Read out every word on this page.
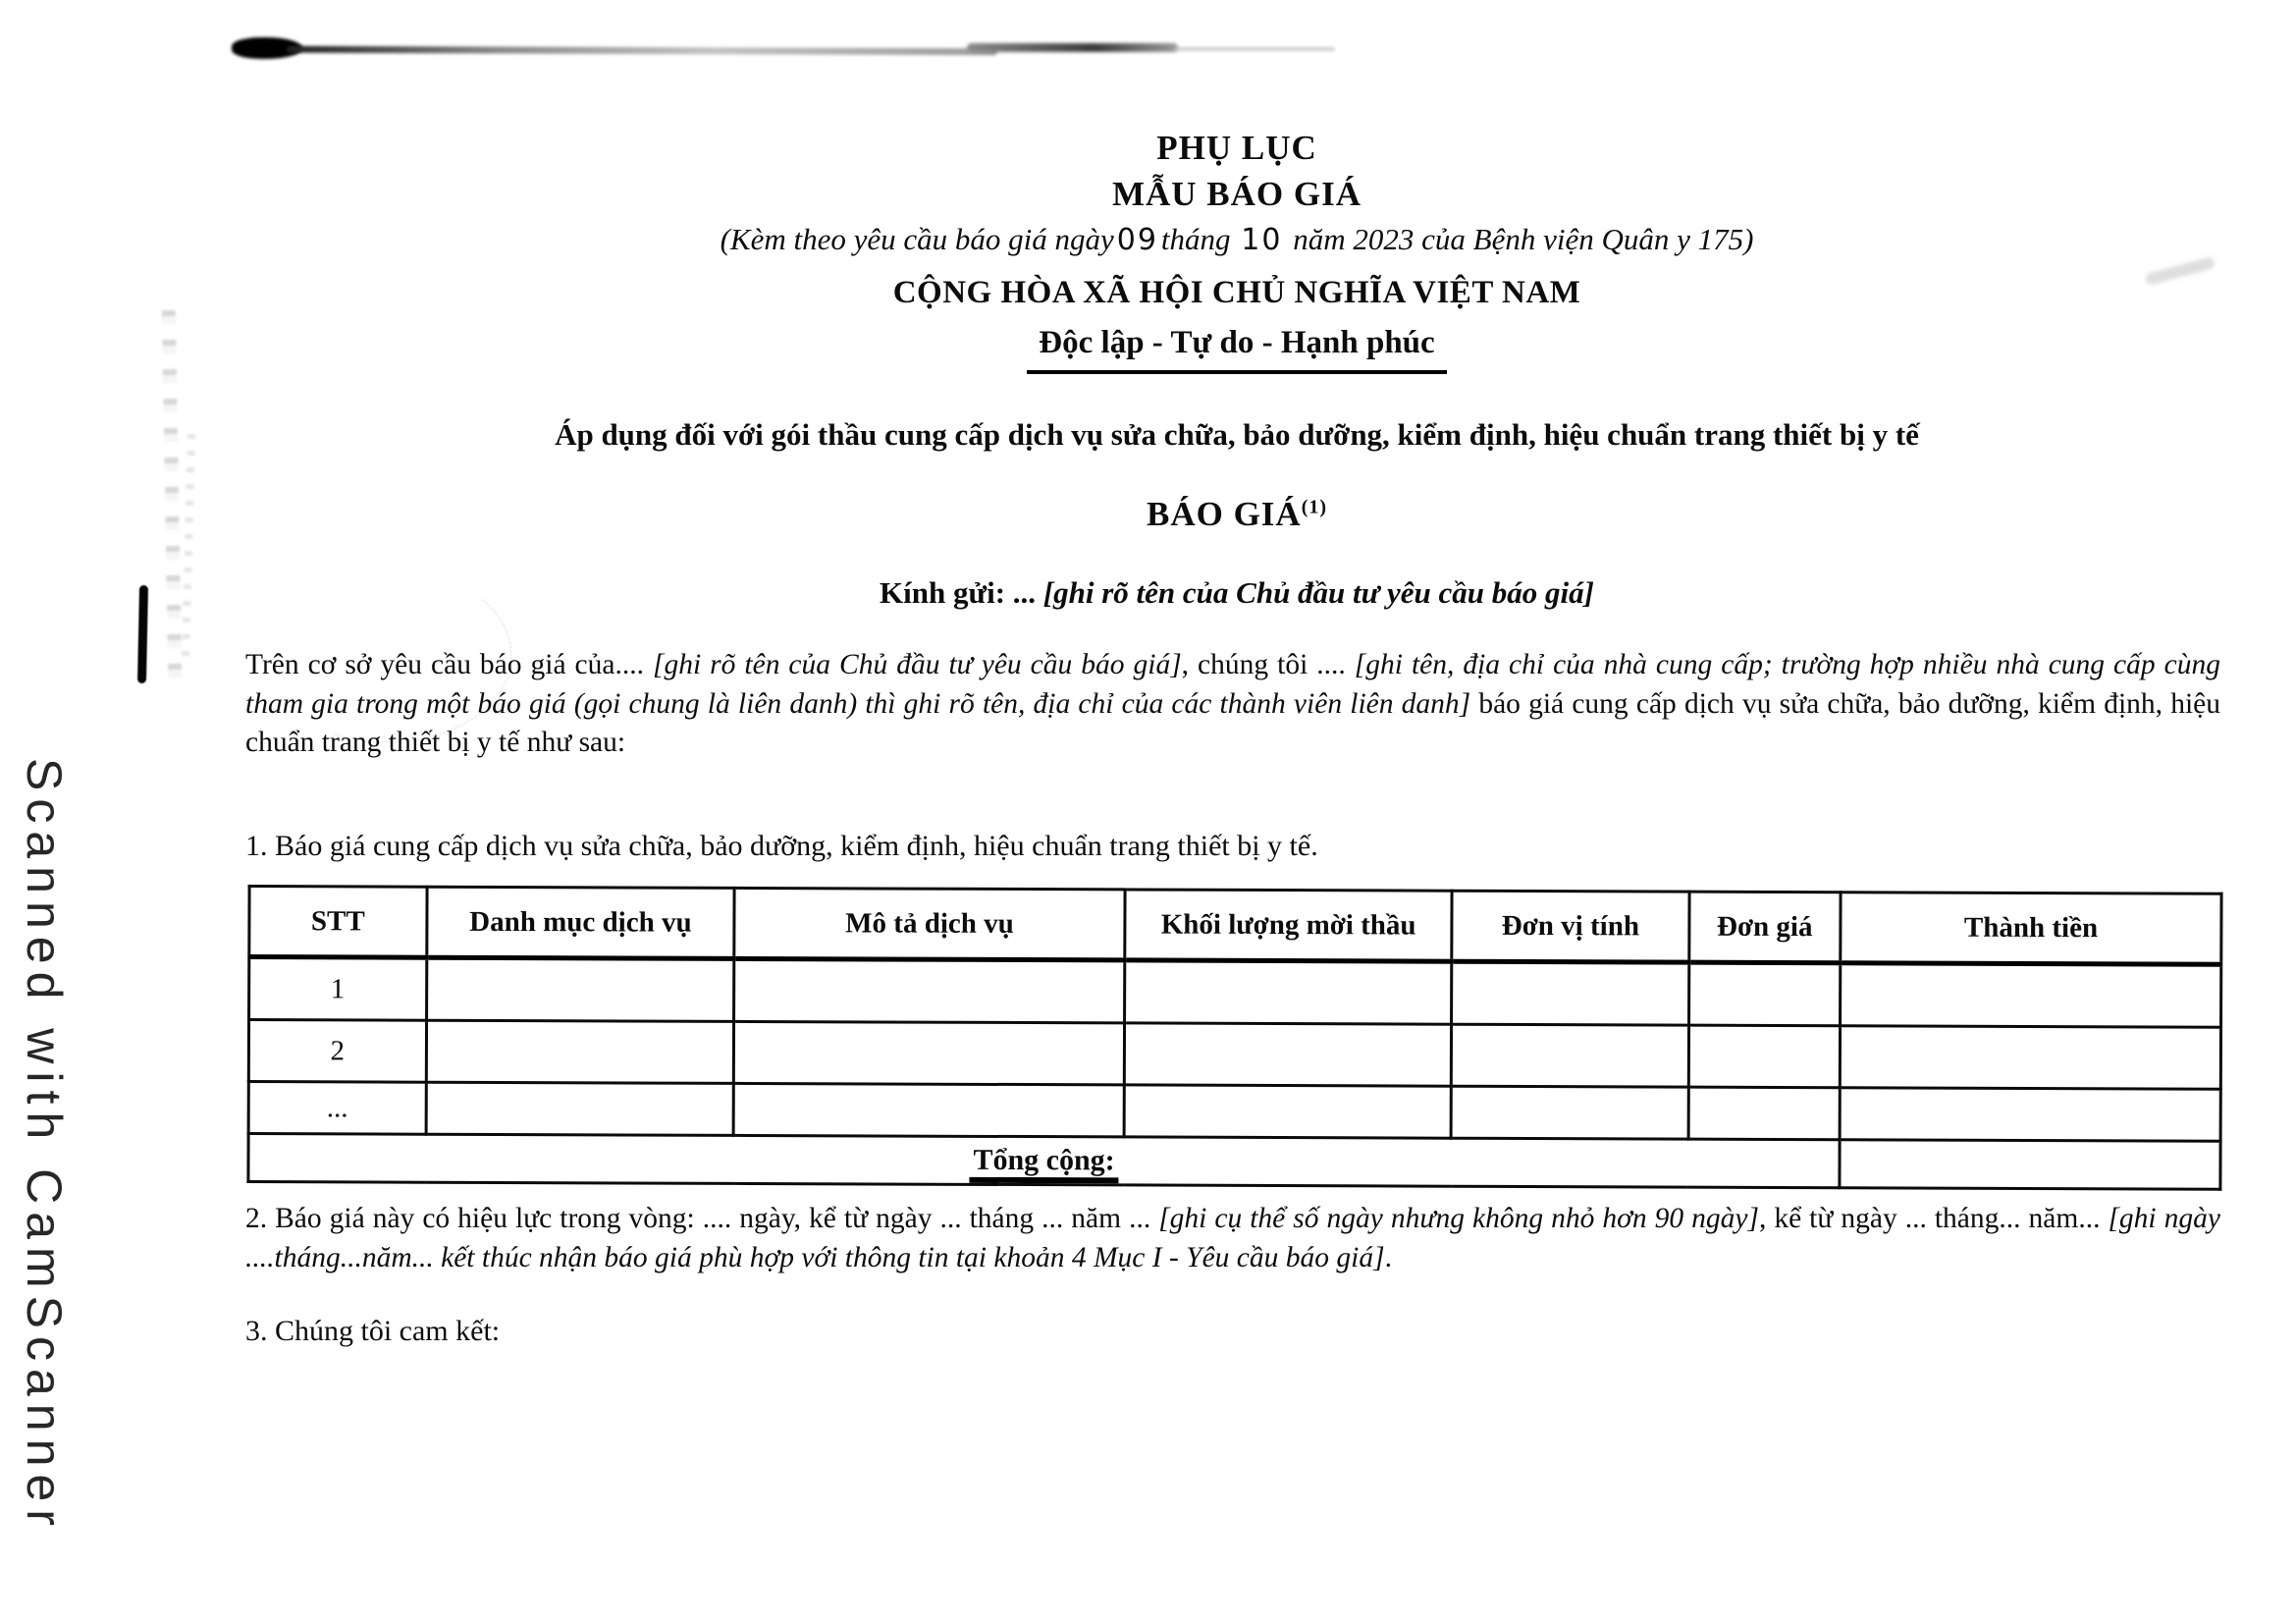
Scanned with CamScanner
PHỤ LỤC
MẪU BÁO GIÁ
(Kèm theo yêu cầu báo giá ngày 09tháng 10 năm 2023 của Bệnh viện Quân y 175)
CỘNG HÒA XÃ HỘI CHỦ NGHĨA VIỆT NAM
Độc lập - Tự do - Hạnh phúc
Áp dụng đối với gói thầu cung cấp dịch vụ sửa chữa, bảo dưỡng, kiểm định, hiệu chuẩn trang thiết bị y tế
BÁO GIÁ$^{(1)}$
Kính gửi: ... [ghi rõ tên của Chủ đầu tư yêu cầu báo giá]
Trên cơ sở yêu cầu báo giá của.... [ghi rõ tên của Chủ đầu tư yêu cầu báo giá], chúng tôi .... [ghi tên, địa chỉ của nhà cung cấp; trường hợp nhiều nhà cung cấp cùng tham gia trong một báo giá (gọi chung là liên danh) thì ghi rõ tên, địa chỉ của các thành viên liên danh] báo giá cung cấp dịch vụ sửa chữa, bảo dưỡng, kiểm định, hiệu chuẩn trang thiết bị y tế như sau:
1. Báo giá cung cấp dịch vụ sửa chữa, bảo dưỡng, kiểm định, hiệu chuẩn trang thiết bị y tế.
STT	Danh mục dịch vụ	Mô tả dịch vụ	Khối lượng mời thầu	Đơn vị tính	Đơn giá	Thành tiền
1						
2						
...						
Tổng cộng:						
2. Báo giá này có hiệu lực trong vòng: .... ngày, kể từ ngày ... tháng ... năm ... [ghi cụ thể số ngày nhưng không nhỏ hơn 90 ngày], kể từ ngày ... tháng... năm... [ghi ngày ....tháng...năm... kết thúc nhận báo giá phù hợp với thông tin tại khoản 4 Mục I - Yêu cầu báo giá].
3. Chúng tôi cam kết:
